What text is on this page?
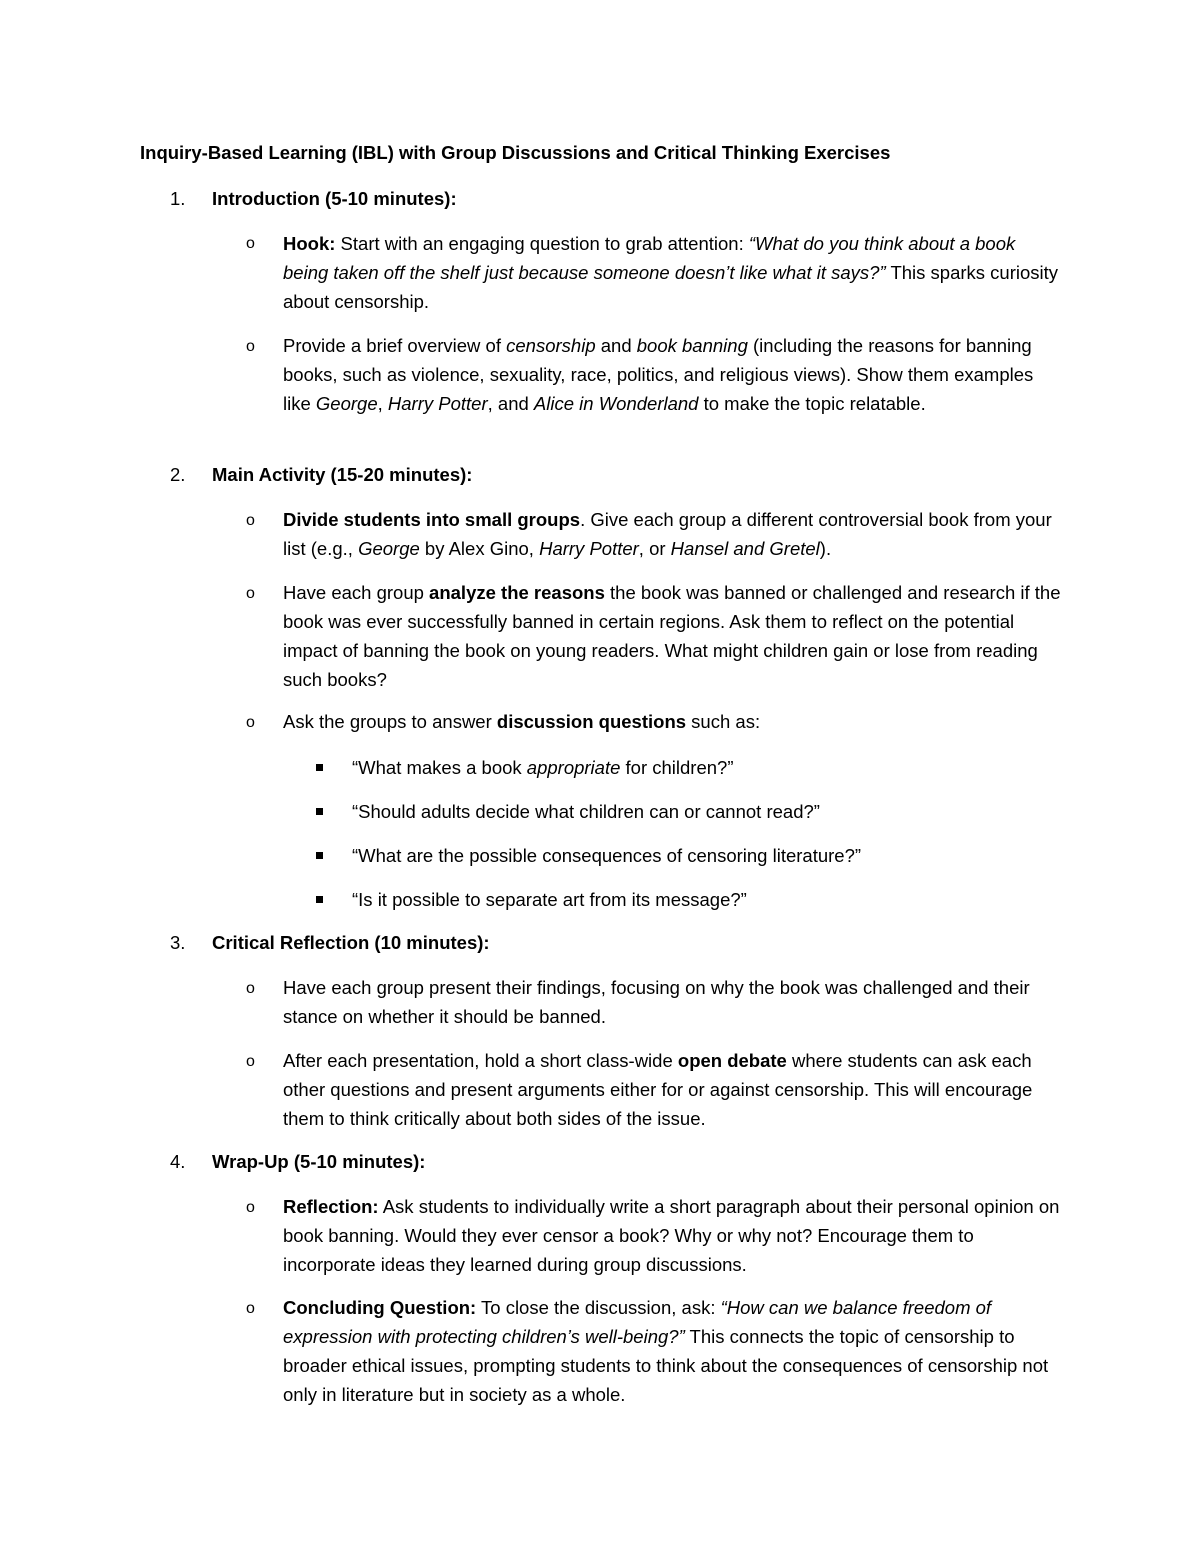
Inquiry-Based Learning (IBL) with Group Discussions and Critical Thinking Exercises
1. Introduction (5-10 minutes):
o Hook: Start with an engaging question to grab attention: “What do you think about a book being taken off the shelf just because someone doesn’t like what it says?” This sparks curiosity about censorship.
o Provide a brief overview of censorship and book banning (including the reasons for banning books, such as violence, sexuality, race, politics, and religious views). Show them examples like George, Harry Potter, and Alice in Wonderland to make the topic relatable.
2. Main Activity (15-20 minutes):
o Divide students into small groups. Give each group a different controversial book from your list (e.g., George by Alex Gino, Harry Potter, or Hansel and Gretel).
o Have each group analyze the reasons the book was banned or challenged and research if the book was ever successfully banned in certain regions. Ask them to reflect on the potential impact of banning the book on young readers. What might children gain or lose from reading such books?
o Ask the groups to answer discussion questions such as:
“What makes a book appropriate for children?”
“Should adults decide what children can or cannot read?”
“What are the possible consequences of censoring literature?”
“Is it possible to separate art from its message?”
3. Critical Reflection (10 minutes):
o Have each group present their findings, focusing on why the book was challenged and their stance on whether it should be banned.
o After each presentation, hold a short class-wide open debate where students can ask each other questions and present arguments either for or against censorship. This will encourage them to think critically about both sides of the issue.
4. Wrap-Up (5-10 minutes):
o Reflection: Ask students to individually write a short paragraph about their personal opinion on book banning. Would they ever censor a book? Why or why not? Encourage them to incorporate ideas they learned during group discussions.
o Concluding Question: To close the discussion, ask: “How can we balance freedom of expression with protecting children’s well-being?” This connects the topic of censorship to broader ethical issues, prompting students to think about the consequences of censorship not only in literature but in society as a whole.
